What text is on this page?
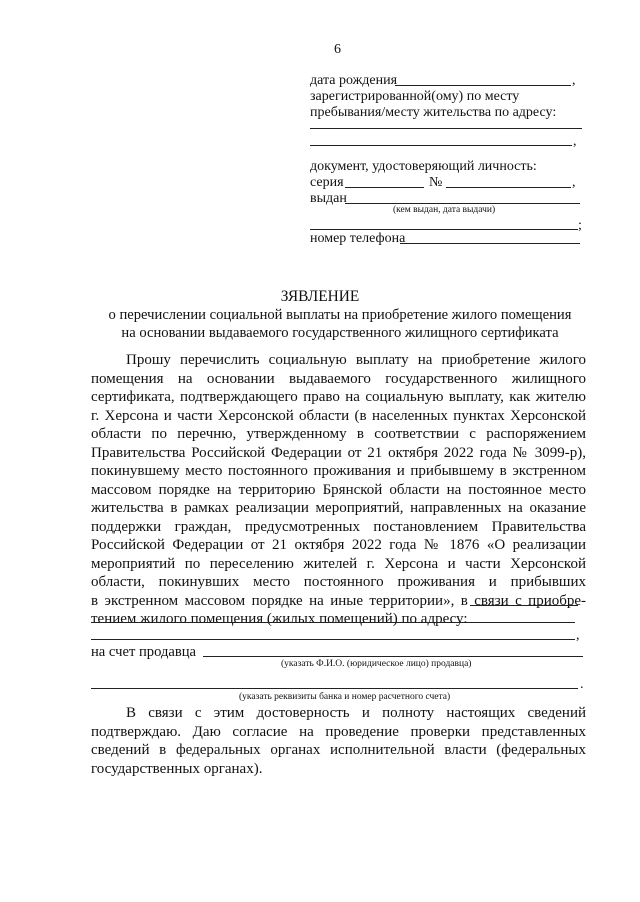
6
дата рождения	,
зарегистрированной(ому) по месту
пребывания/месту жительства по адресу:
,
документ, удостоверяющий личность:
серия	№	,
выдан
(кем выдан, дата выдачи)
;
номер телефона
ЗЯВЛЕНИЕ
о перечислении социальной выплаты на приобретение жилого помещения
на основании выдаваемого государственного жилищного сертификата
Прошу перечислить социальную выплату на приобретение жилого
помещения на основании выдаваемого государственного жилищного
сертификата, подтверждающего право на социальную выплату, как жителю
г. Херсона и части Херсонской области (в населенных пунктах Херсонской
области по перечню, утвержденному в соответствии с распоряжением
Правительства Российской Федерации от 21 октября 2022 года № 3099-р),
покинувшему место постоянного проживания и прибывшему в экстренном
массовом порядке на территорию Брянской области на постоянное место
жительства в рамках реализации мероприятий, направленных на оказание
поддержки граждан, предусмотренных постановлением Правительства
Российской Федерации от 21 октября 2022 года № 1876 «О реализации
мероприятий по переселению жителей г. Херсона и части Херсонской
области, покинувших место постоянного проживания и прибывших
в экстренном массовом порядке на иные территории», в связи с приобре-
тением жилого помещения (жилых помещений) по адресу:
,
на счет продавца
(указать Ф.И.О. (юридическое лицо) продавца)
.
(указать реквизиты банка и номер расчетного счета)
В связи с этим достоверность и полноту настоящих сведений
подтверждаю. Даю согласие на проведение проверки представленных
сведений в федеральных органах исполнительной власти (федеральных
государственных органах).
